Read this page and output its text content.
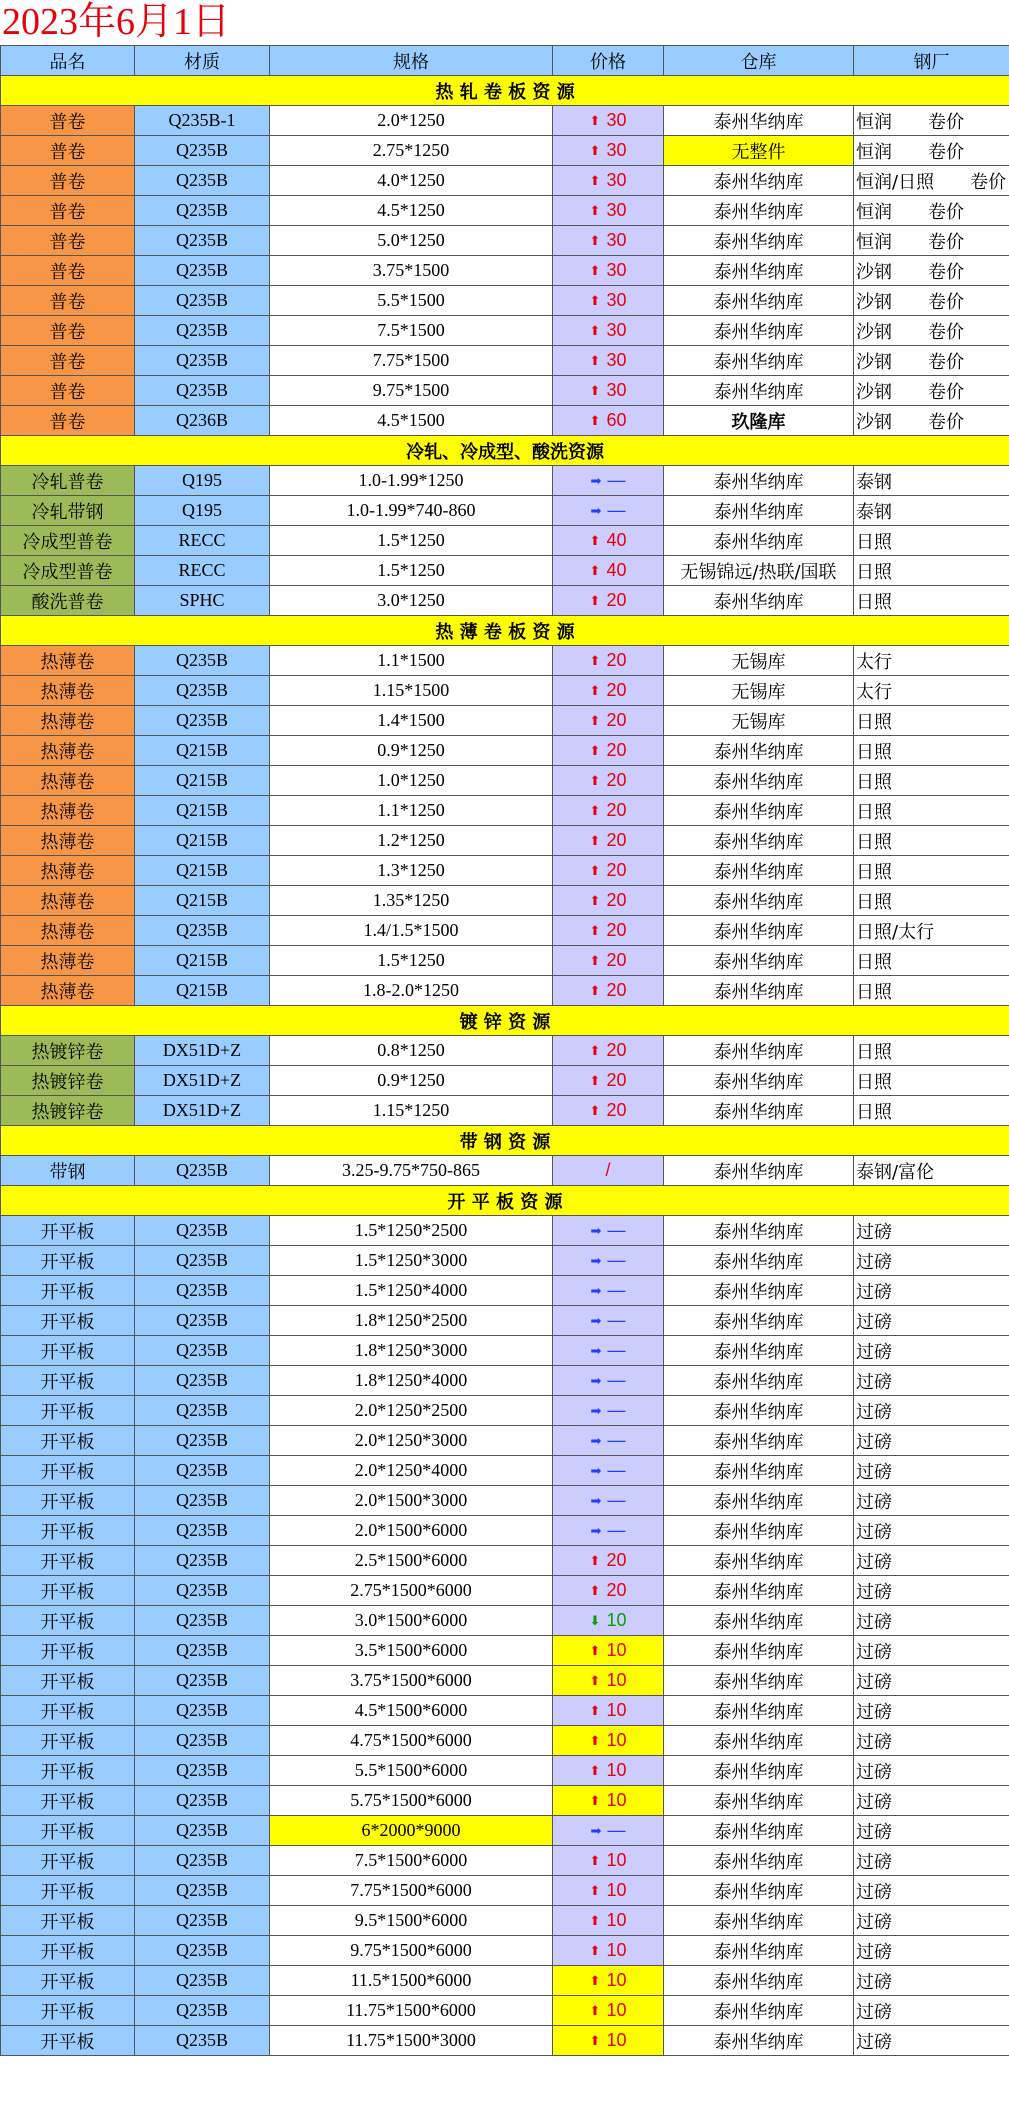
2023年6月1日
品名	材质	规格	价格	仓库	钢厂
热 轧 卷 板 资 源					
普卷	Q235B-1	2.0*1250	⬆ 30	泰州华纳库	恒润　　卷价
普卷	Q235B	2.75*1250	⬆ 30	无整件	恒润　　卷价
普卷	Q235B	4.0*1250	⬆ 30	泰州华纳库	恒润/日照　　卷价
普卷	Q235B	4.5*1250	⬆ 30	泰州华纳库	恒润　　卷价
普卷	Q235B	5.0*1250	⬆ 30	泰州华纳库	恒润　　卷价
普卷	Q235B	3.75*1500	⬆ 30	泰州华纳库	沙钢　　卷价
普卷	Q235B	5.5*1500	⬆ 30	泰州华纳库	沙钢　　卷价
普卷	Q235B	7.5*1500	⬆ 30	泰州华纳库	沙钢　　卷价
普卷	Q235B	7.75*1500	⬆ 30	泰州华纳库	沙钢　　卷价
普卷	Q235B	9.75*1500	⬆ 30	泰州华纳库	沙钢　　卷价
普卷	Q236B	4.5*1500	⬆ 60	玖隆库	沙钢　　卷价
冷轧、冷成型、酸洗资源					
冷轧普卷	Q195	1.0-1.99*1250	➡ —	泰州华纳库	泰钢
冷轧带钢	Q195	1.0-1.99*740-860	➡ —	泰州华纳库	泰钢
冷成型普卷	RECC	1.5*1250	⬆ 40	泰州华纳库	日照
冷成型普卷	RECC	1.5*1250	⬆ 40	无锡锦远/热联/国联	日照
酸洗普卷	SPHC	3.0*1250	⬆ 20	泰州华纳库	日照
热 薄 卷 板 资 源					
热薄卷	Q235B	1.1*1500	⬆ 20	无锡库	太行
热薄卷	Q235B	1.15*1500	⬆ 20	无锡库	太行
热薄卷	Q235B	1.4*1500	⬆ 20	无锡库	日照
热薄卷	Q215B	0.9*1250	⬆ 20	泰州华纳库	日照
热薄卷	Q215B	1.0*1250	⬆ 20	泰州华纳库	日照
热薄卷	Q215B	1.1*1250	⬆ 20	泰州华纳库	日照
热薄卷	Q215B	1.2*1250	⬆ 20	泰州华纳库	日照
热薄卷	Q215B	1.3*1250	⬆ 20	泰州华纳库	日照
热薄卷	Q215B	1.35*1250	⬆ 20	泰州华纳库	日照
热薄卷	Q235B	1.4/1.5*1500	⬆ 20	泰州华纳库	日照/太行
热薄卷	Q215B	1.5*1250	⬆ 20	泰州华纳库	日照
热薄卷	Q215B	1.8-2.0*1250	⬆ 20	泰州华纳库	日照
镀 锌 资 源					
热镀锌卷	DX51D+Z	0.8*1250	⬆ 20	泰州华纳库	日照
热镀锌卷	DX51D+Z	0.9*1250	⬆ 20	泰州华纳库	日照
热镀锌卷	DX51D+Z	1.15*1250	⬆ 20	泰州华纳库	日照
带 钢 资 源					
带钢	Q235B	3.25-9.75*750-865	/	泰州华纳库	泰钢/富伦
开 平 板 资 源					
开平板	Q235B	1.5*1250*2500	➡ —	泰州华纳库	过磅
开平板	Q235B	1.5*1250*3000	➡ —	泰州华纳库	过磅
开平板	Q235B	1.5*1250*4000	➡ —	泰州华纳库	过磅
开平板	Q235B	1.8*1250*2500	➡ —	泰州华纳库	过磅
开平板	Q235B	1.8*1250*3000	➡ —	泰州华纳库	过磅
开平板	Q235B	1.8*1250*4000	➡ —	泰州华纳库	过磅
开平板	Q235B	2.0*1250*2500	➡ —	泰州华纳库	过磅
开平板	Q235B	2.0*1250*3000	➡ —	泰州华纳库	过磅
开平板	Q235B	2.0*1250*4000	➡ —	泰州华纳库	过磅
开平板	Q235B	2.0*1500*3000	➡ —	泰州华纳库	过磅
开平板	Q235B	2.0*1500*6000	➡ —	泰州华纳库	过磅
开平板	Q235B	2.5*1500*6000	⬆ 20	泰州华纳库	过磅
开平板	Q235B	2.75*1500*6000	⬆ 20	泰州华纳库	过磅
开平板	Q235B	3.0*1500*6000	⬇ 10	泰州华纳库	过磅
开平板	Q235B	3.5*1500*6000	⬆ 10	泰州华纳库	过磅
开平板	Q235B	3.75*1500*6000	⬆ 10	泰州华纳库	过磅
开平板	Q235B	4.5*1500*6000	⬆ 10	泰州华纳库	过磅
开平板	Q235B	4.75*1500*6000	⬆ 10	泰州华纳库	过磅
开平板	Q235B	5.5*1500*6000	⬆ 10	泰州华纳库	过磅
开平板	Q235B	5.75*1500*6000	⬆ 10	泰州华纳库	过磅
开平板	Q235B	6*2000*9000	➡ —	泰州华纳库	过磅
开平板	Q235B	7.5*1500*6000	⬆ 10	泰州华纳库	过磅
开平板	Q235B	7.75*1500*6000	⬆ 10	泰州华纳库	过磅
开平板	Q235B	9.5*1500*6000	⬆ 10	泰州华纳库	过磅
开平板	Q235B	9.75*1500*6000	⬆ 10	泰州华纳库	过磅
开平板	Q235B	11.5*1500*6000	⬆ 10	泰州华纳库	过磅
开平板	Q235B	11.75*1500*6000	⬆ 10	泰州华纳库	过磅
开平板	Q235B	11.75*1500*3000	⬆ 10	泰州华纳库	过磅
